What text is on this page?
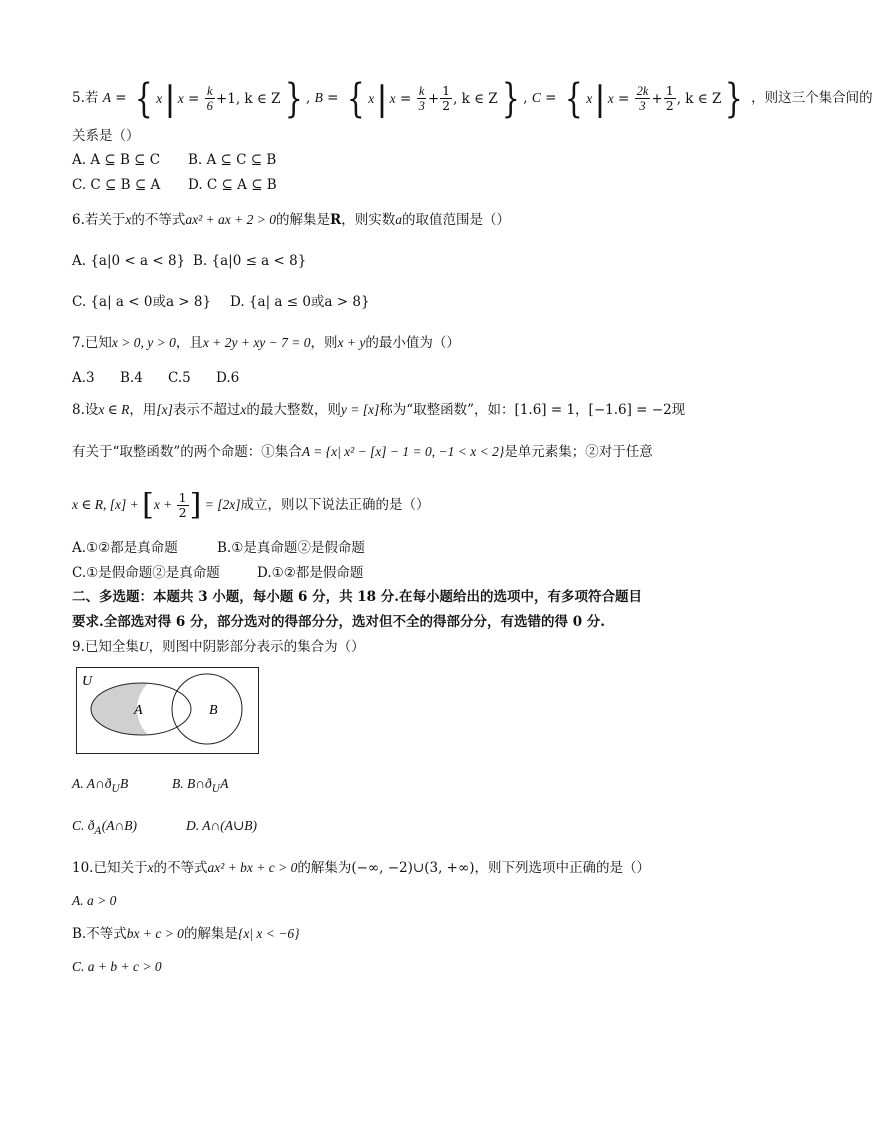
5.若 A = { x | $x = \frac{k}{6} +1$, k ∈ Z } , B = { x | $x = \frac{k}{3} + \frac{1}{2}$ , k ∈ Z } , C = { x | $x = \frac{2k}{3} + \frac{1}{2}$ , k ∈ Z } ，则这三个集合间的
关系是（）
A. A ⊆ B ⊆ C B. A ⊆ C ⊆ B
C. C ⊆ B ⊆ A D. C ⊆ A ⊆ B
6.若关于x的不等式ax² + ax + 2 > 0的解集是R，则实数a的取值范围是（）
A. {a|0 < a < 8} B. {a|0 ≤ a < 8}
C. {a| a < 0或a > 8} D. {a| a ≤ 0或a > 8}
7.已知x > 0, y > 0，且x + 2y + xy − 7 = 0，则x + y的最小值为（）
A.3 B.4 C.5 D.6
8.设x ∈ R，用[x]表示不超过x的最大整数，则y = [x]称为“取整函数”，如：[1.6] = 1，[−1.6] = −2现
有关于“取整函数”的两个命题：①集合A = {x| x² − [x] − 1 = 0, −1 < x < 2}是单元素集；②对于任意
x ∈ R, $[x] + [x + \frac{1}{2}$ ] = [2x]成立，则以下说法正确的是（）
A.①②都是真命题	B.①是真命题②是假命题
C.①是假命题②是真命题	D.①②都是假命题
二、多选题：本题共 3 小题，每小题 6 分，共 18 分.在每小题给出的选项中，有多项符合题目
要求.全部选对得 6 分，部分选对的得部分分，选对但不全的得部分分，有选错的得 0 分.
9.已知全集U，则图中阴影部分表示的集合为（）
U
A	B
A. $A\cap ð_UB$	B. $B\cap ð_UA$
C. $ð_A(A\cap B)$	D. A∩(A∪B)
10.已知关于x的不等式ax² + bx + c > 0的解集为(−∞, −2)∪(3, +∞)，则下列选项中正确的是（）
A. a > 0
B.不等式bx + c > 0的解集是{x| x < −6}
C. a + b + c > 0
